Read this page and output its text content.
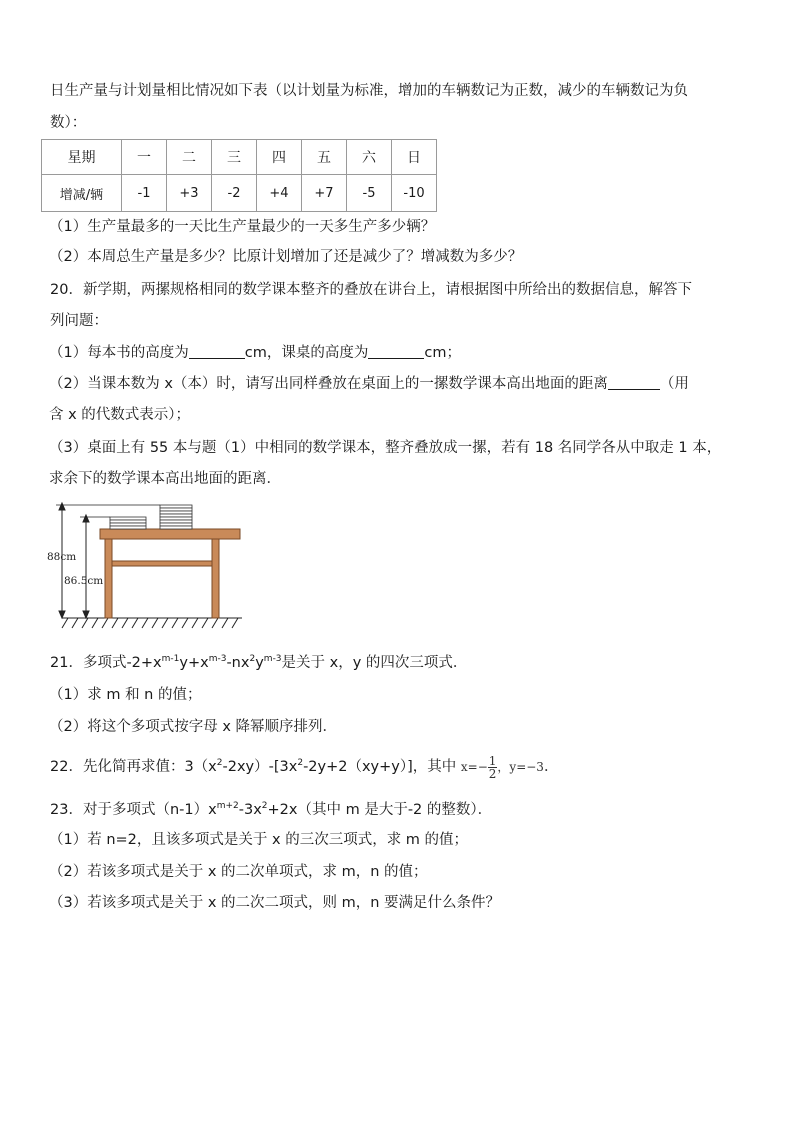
日生产量与计划量相比情况如下表（以计划量为标准，增加的车辆数记为正数，减少的车辆数记为负
数）：
星期	一	二	三	四	五	六	日
增减/辆	-1	+3	-2	+4	+7	-5	-10
（1）生产量最多的一天比生产量最少的一天多生产多少辆？
（2）本周总生产量是多少？比原计划增加了还是减少了？增减数为多少？
20．新学期，两摞规格相同的数学课本整齐的叠放在讲台上，请根据图中所给出的数据信息，解答下
列问题：
（1）每本书的高度为	cm，课桌的高度为	cm；
（2）当课本数为 x（本）时，请写出同样叠放在桌面上的一摞数学课本高出地面的距离	（用
含 x 的代数式表示）；
（3）桌面上有 55 本与题（1）中相同的数学课本，整齐叠放成一摞，若有 18 名同学各从中取走 1 本，
求余下的数学课本高出地面的距离．
88cm
86.5cm
21．多项式$-2+x^{m-1}y+x^{m-3}-nx^2y^{m-3}$是关于 x，y 的四次三项式．
（1）求 m 和 n 的值；
（2）将这个多项式按字母 x 降幂顺序排列．
22．先化简再求值：$3(x^2-2xy)-[3x^2-2y+2(xy+y)]$，其中 $x=- \frac{1}{2}$ ，y=−3．
23．对于多项式$(n-1)x^{m+2}-3x^2+2x$（其中 m 是大于-2 的整数）．
（1）若 n=2，且该多项式是关于 x 的三次三项式，求 m 的值；
（2）若该多项式是关于 x 的二次单项式，求 m，n 的值；
（3）若该多项式是关于 x 的二次二项式，则 m，n 要满足什么条件？
